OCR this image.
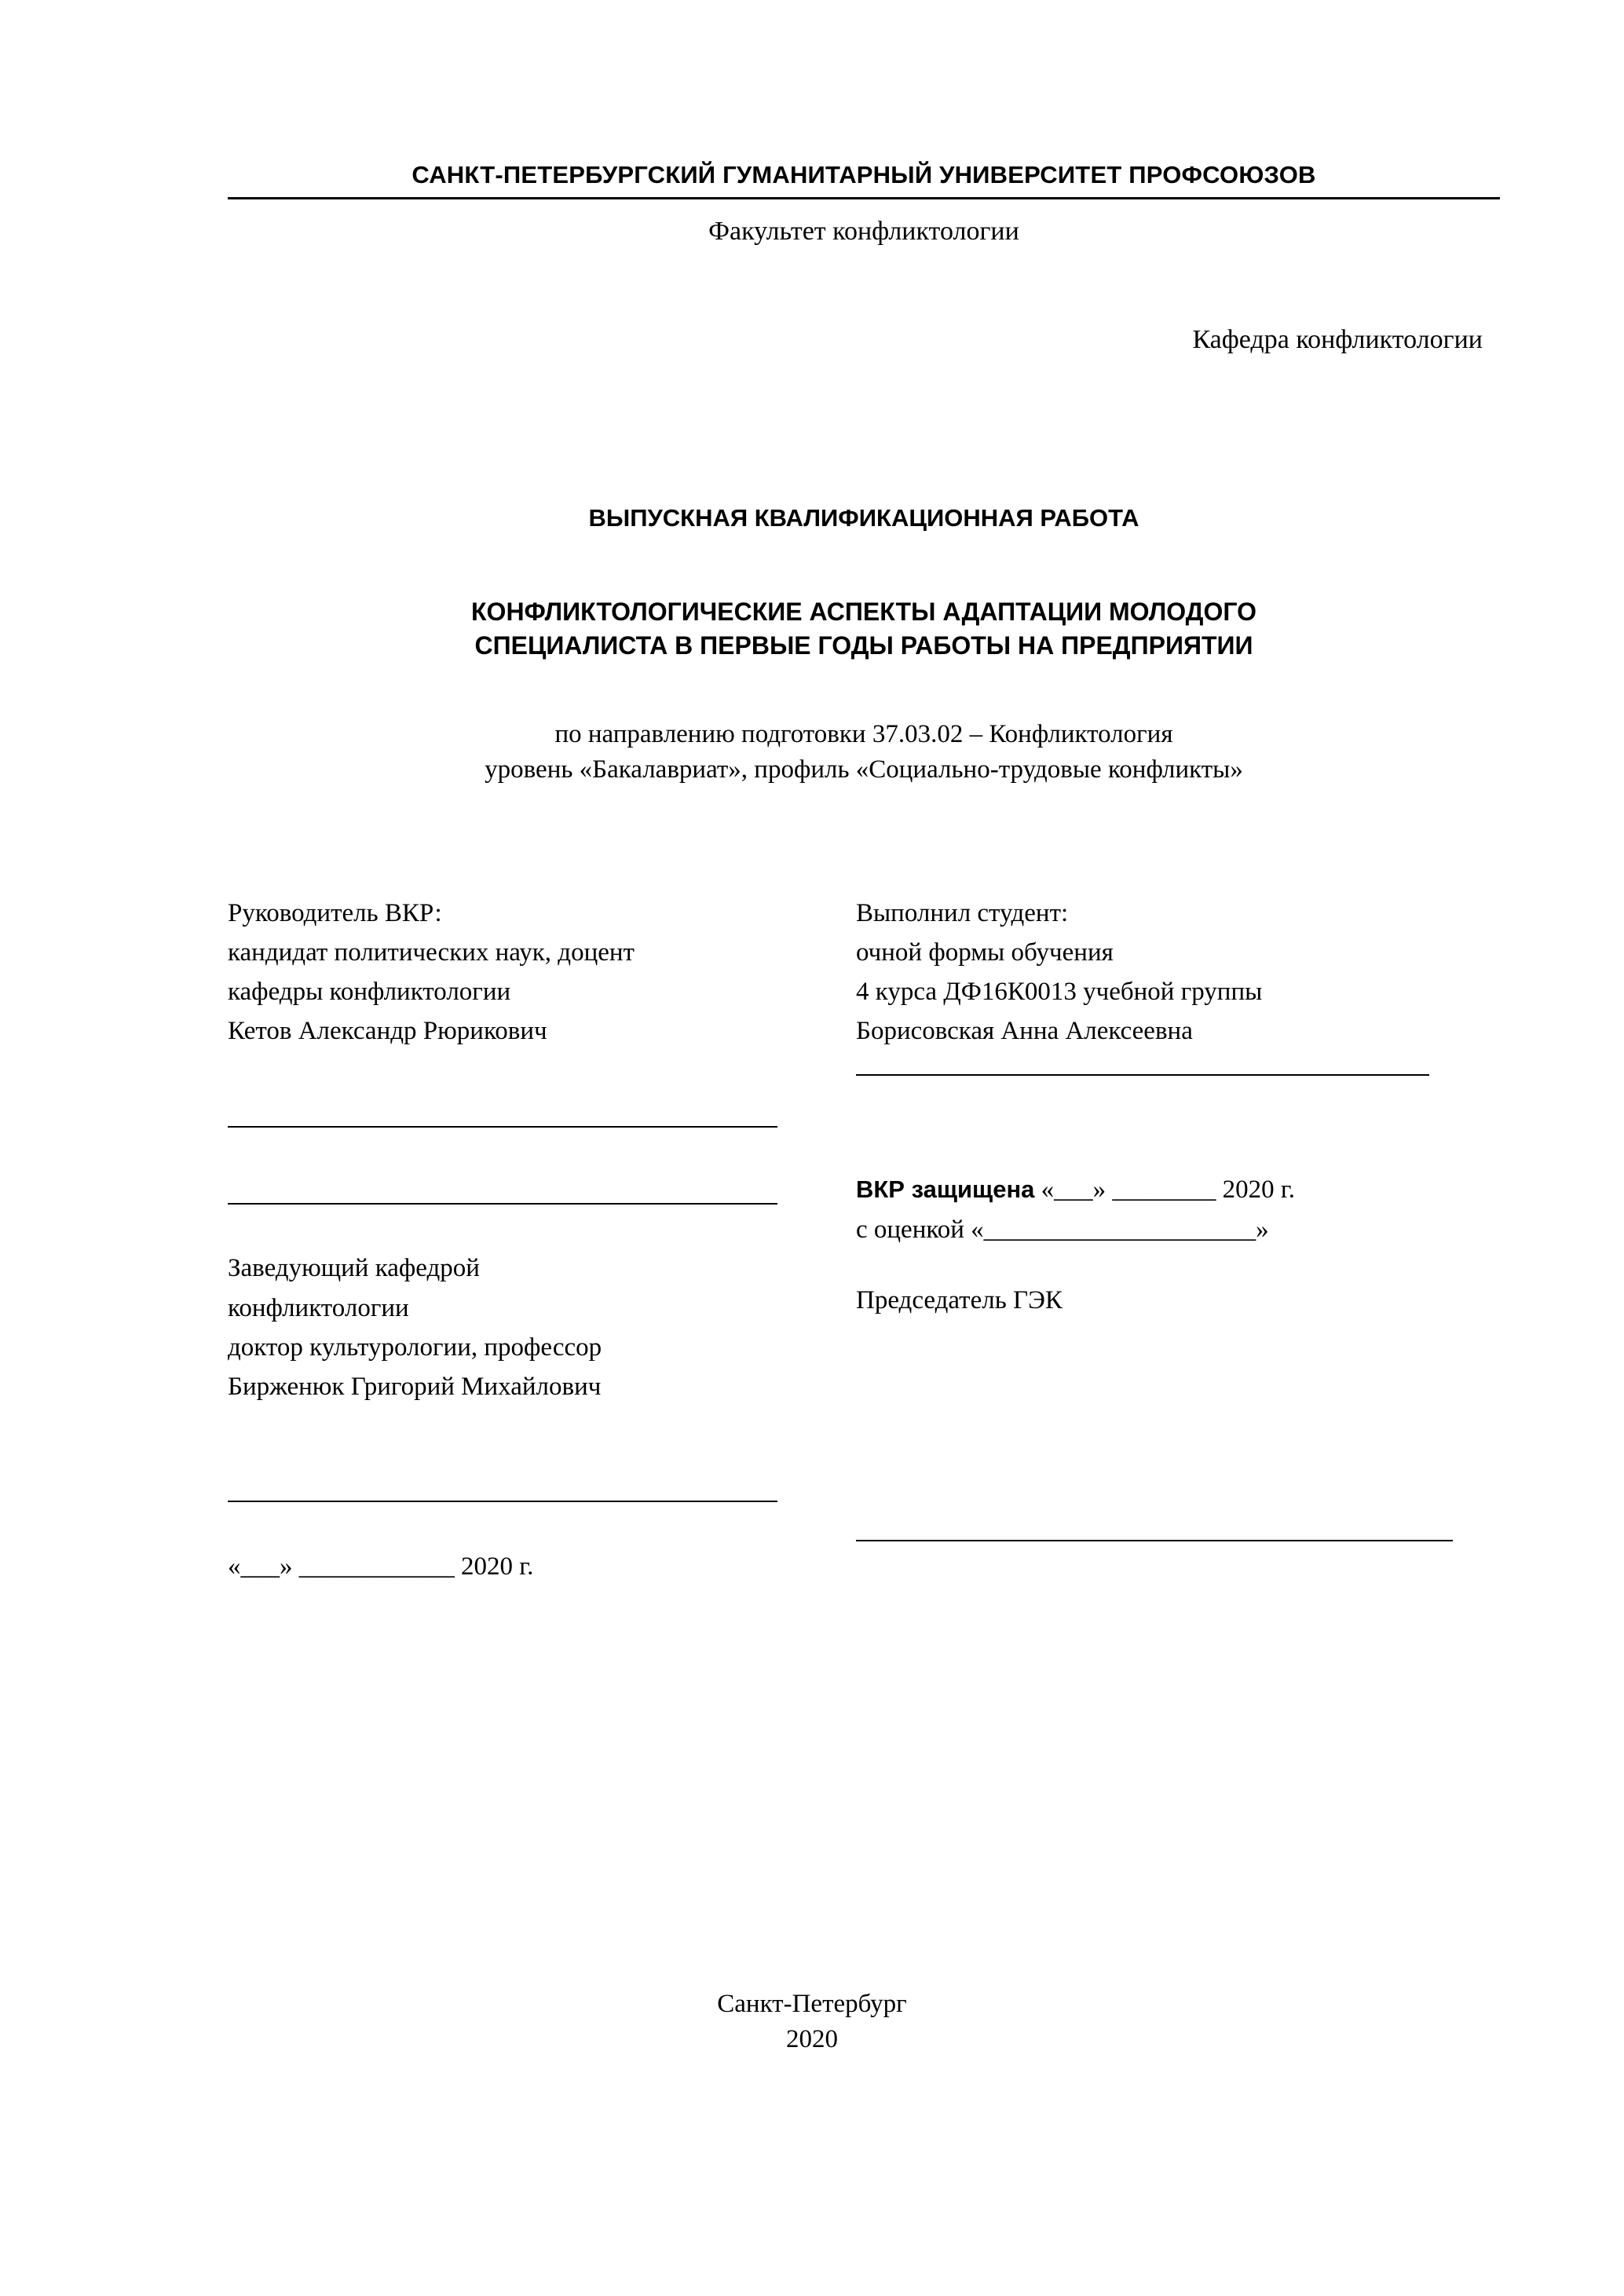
САНКТ-ПЕТЕРБУРГСКИЙ ГУМАНИТАРНЫЙ УНИВЕРСИТЕТ ПРОФСОЮЗОВ
Факультет конфликтологии
Кафедра конфликтологии
ВЫПУСКНАЯ КВАЛИФИКАЦИОННАЯ РАБОТА
КОНФЛИКТОЛОГИЧЕСКИЕ АСПЕКТЫ АДАПТАЦИИ МОЛОДОГО
СПЕЦИАЛИСТА В ПЕРВЫЕ ГОДЫ РАБОТЫ НА ПРЕДПРИЯТИИ
по направлению подготовки 37.03.02 – Конфликтология
уровень «Бакалавриат», профиль «Социально-трудовые конфликты»
Руководитель ВКР:
кандидат политических наук, доцент
кафедры конфликтологии
Кетов Александр Рюрикович
Заведующий кафедрой
конфликтологии
доктор культурологии, профессор
Бирженюк Григорий Михайлович
«___» ____________ 2020 г.
Выполнил студент:
очной формы обучения
4 курса ДФ16К0013 учебной группы
Борисовская Анна Алексеевна
ВКР защищена «___» ________ 2020 г.
с оценкой «_____________________»
Председатель ГЭК
Санкт-Петербург
2020
